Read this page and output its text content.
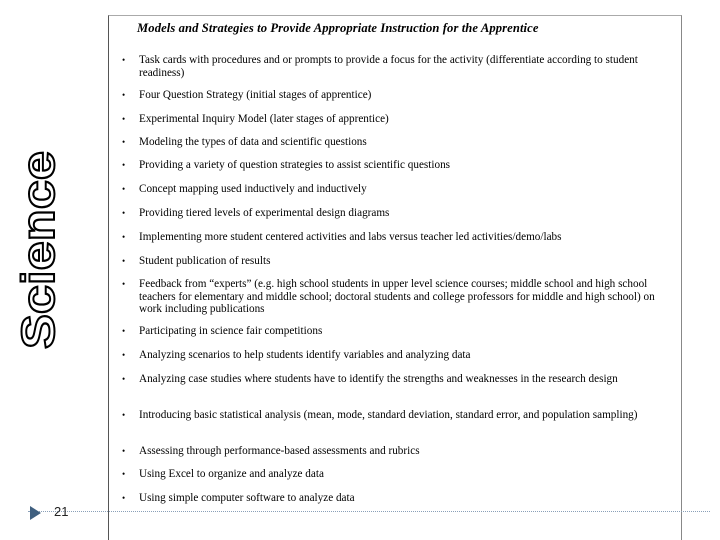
Science
Models and Strategies to Provide Appropriate Instruction for the Apprentice
• Task cards with procedures and or prompts to provide a focus for the activity (differentiate according to student readiness)
• Four Question Strategy (initial stages of apprentice)
• Experimental Inquiry Model (later stages of apprentice)
• Modeling the types of data and scientific questions
• Providing a variety of question strategies to assist scientific questions
• Concept mapping used inductively and inductively
• Providing tiered levels of experimental design diagrams
• Implementing more student centered activities and labs versus teacher led activities/demo/labs
• Student publication of results
• Feedback from “experts” (e.g. high school students in upper level science courses; middle school and high school teachers for elementary and middle school; doctoral students and college professors for middle and high school) on work including publications
• Participating in science fair competitions
• Analyzing scenarios to help students identify variables and analyzing data
• Analyzing case studies where students have to identify the strengths and weaknesses in the research design
• Introducing basic statistical analysis (mean, mode, standard deviation, standard error, and population sampling)
• Assessing through performance-based assessments and rubrics
• Using Excel to organize and analyze data
• Using simple computer software to analyze data
21
